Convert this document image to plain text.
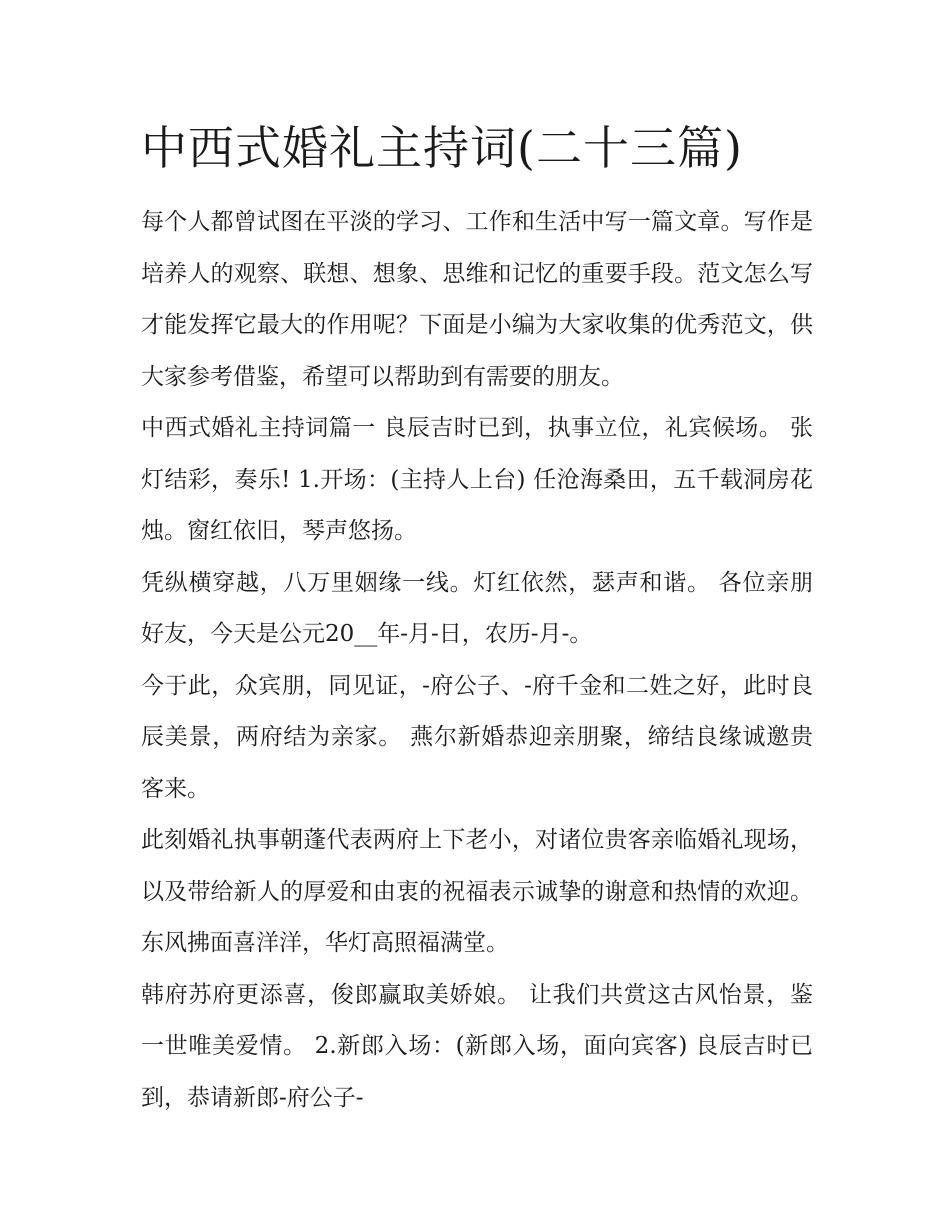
中西式婚礼主持词(二十三篇)

每个人都曾试图在平淡的学习、工作和生活中写一篇文章。写作是培养人的观察、联想、想象、思维和记忆的重要手段。范文怎么写才能发挥它最大的作用呢？下面是小编为大家收集的优秀范文，供大家参考借鉴，希望可以帮助到有需要的朋友。

中西式婚礼主持词篇一 良辰吉时已到，执事立位，礼宾候场。 张灯结彩，奏乐! 1.开场：(主持人上台) 任沧海桑田，五千载洞房花烛。窗红依旧，琴声悠扬。

凭纵横穿越，八万里姻缘一线。灯红依然，瑟声和谐。 各位亲朋好友，今天是公元20__年-月-日，农历-月-。

今于此，众宾朋，同见证，-府公子、-府千金和二姓之好，此时良辰美景，两府结为亲家。 燕尔新婚恭迎亲朋聚，缔结良缘诚邀贵客来。

此刻婚礼执事朝蓬代表两府上下老小，对诸位贵客亲临婚礼现场，以及带给新人的厚爱和由衷的祝福表示诚挚的谢意和热情的欢迎。 东风拂面喜洋洋，华灯高照福满堂。

韩府苏府更添喜，俊郎赢取美娇娘。 让我们共赏这古风怡景，鉴一世唯美爱情。 2.新郎入场：(新郎入场，面向宾客) 良辰吉时已到，恭请新郎-府公子-
